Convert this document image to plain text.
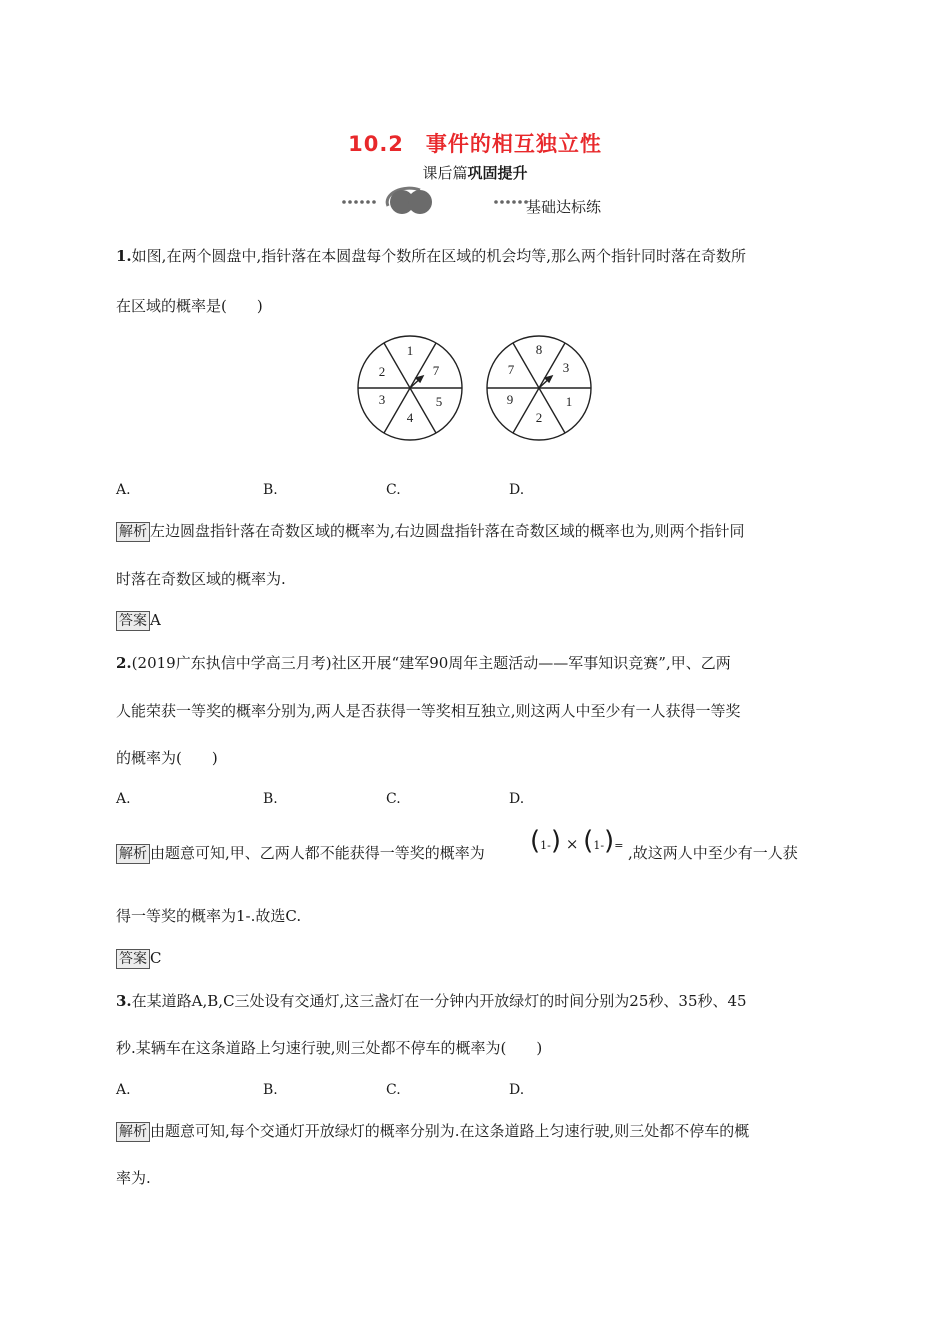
10.2　事件的相互独立性
课后篇巩固提升
基础达标练
1.如图,在两个圆盘中,指针落在本圆盘每个数所在区域的机会均等,那么两个指针同时落在奇数所
在区域的概率是(　　)
1
7
5
4
3
2
8
3
1
2
9
7
A.	B.	C.	D.
解析 左边圆盘指针落在奇数区域的概率为,右边圆盘指针落在奇数区域的概率也为,则两个指针同
时落在奇数区域的概率为.
答案 A
2.(2019广东执信中学高三月考)社区开展“建军90周年主题活动——军事知识竞赛”,甲、乙两
人能荣获一等奖的概率分别为,两人是否获得一等奖相互独立,则这两人中至少有一人获得一等奖
的概率为(　　)
A.	B.	C.	D.
解析 由题意可知,甲、乙两人都不能获得一等奖的概率为 (1-) × (1-)= ,故这两人中至少有一人获
得一等奖的概率为1-.故选C.
答案 C
3.在某道路A,B,C三处设有交通灯,这三盏灯在一分钟内开放绿灯的时间分别为25秒、35秒、45
秒.某辆车在这条道路上匀速行驶,则三处都不停车的概率为(　　)
A.	B.	C.	D.
解析 由题意可知,每个交通灯开放绿灯的概率分别为.在这条道路上匀速行驶,则三处都不停车的概
率为.
